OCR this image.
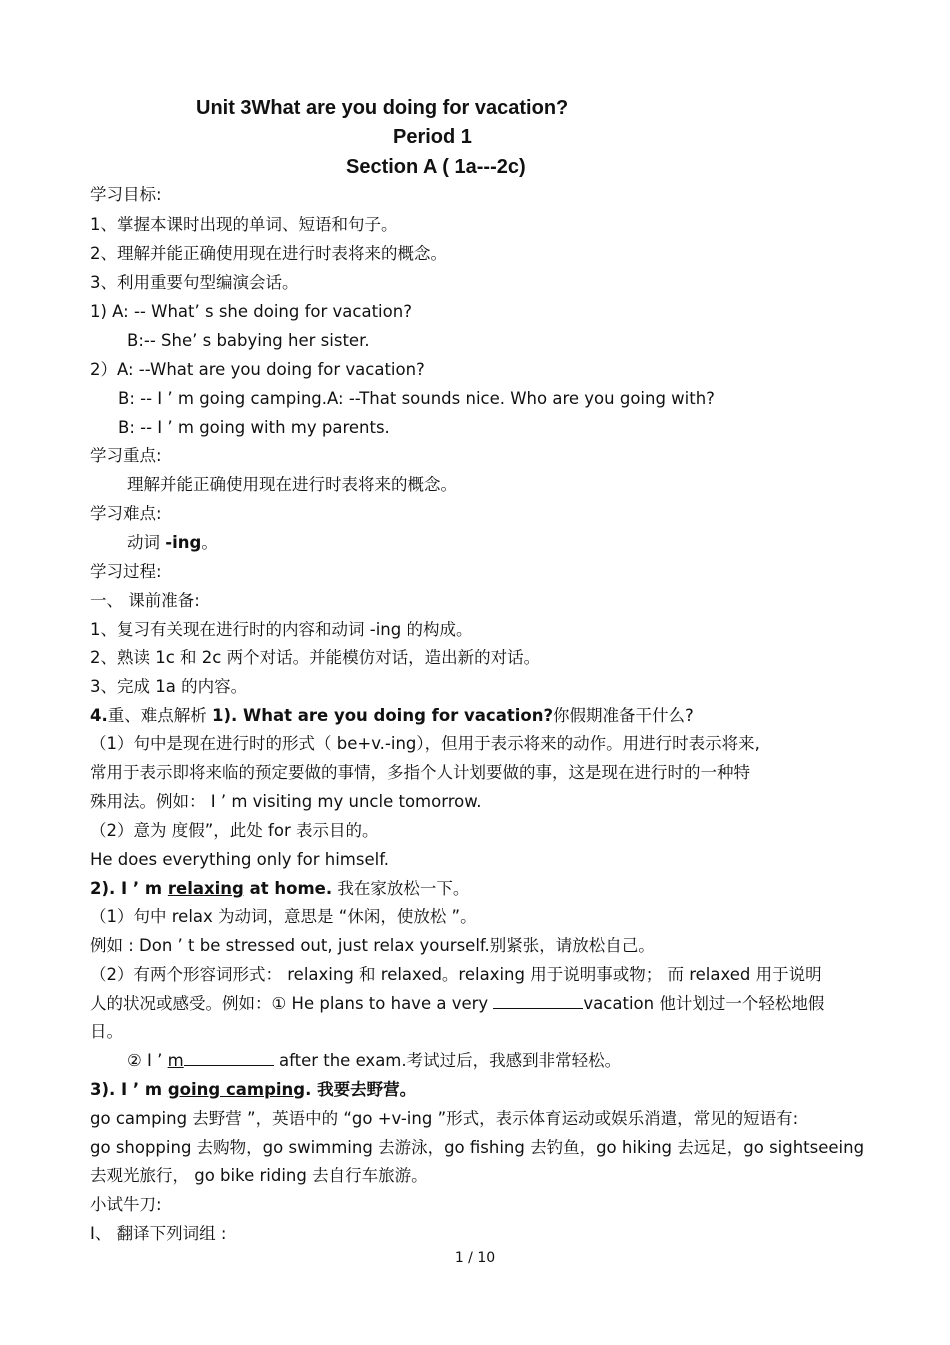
Unit 3What are you doing for vacation?

Period 1

Section A ( 1a---2c)

学习目标:

1、掌握本课时出现的单词、短语和句子。

2、理解并能正确使用现在进行时表将来的概念。

3、利用重要句型编演会话。

1) A: -- What’ s she doing for vacation?

B:-- She’ s babying her sister.

2）A: --What are you doing for vacation?

B: -- I ’ m going camping.A: --That sounds nice. Who are you going with?

B: -- I ’ m going with my parents.

学习重点:

理解并能正确使用现在进行时表将来的概念。

学习难点:

动词 -ing。

学习过程:

一、 课前准备:

1、复习有关现在进行时的内容和动词 -ing 的构成。

2、熟读 1c 和 2c 两个对话。并能模仿对话，造出新的对话。

3、完成 1a 的内容。

4.重、难点解析 1). What are you doing for vacation?你假期准备干什么?

（1）句中是现在进行时的形式（ be+v.-ing），但用于表示将来的动作。用进行时表示将来,

常用于表示即将来临的预定要做的事情，多指个人计划要做的事，这是现在进行时的一种特

殊用法。例如： I ’ m visiting my uncle tomorrow.

（2）意为 度假”，此处 for 表示目的。

He does everything only for himself.

2). I ’ m relaxing at home. 我在家放松一下。

（1）句中 relax 为动词，意思是 “休闲，使放松 ”。

例如 : Don ’ t be stressed out, just relax yourself.别紧张，请放松自己。

（2）有两个形容词形式： relaxing 和 relaxed。relaxing 用于说明事或物； 而 relaxed 用于说明

人的状况或感受。例如：① He plans to have a very	vacation 他计划过一个轻松地假

日。

② I ’ m	after the exam.考试过后，我感到非常轻松。

3). I ’ m going camping. 我要去野营。

go camping 去野营 ”，英语中的 “go +v-ing ”形式，表示体育运动或娱乐消遣，常见的短语有:

go shopping 去购物，go swimming 去游泳，go fishing 去钓鱼，go hiking 去远足，go sightseeing

去观光旅行， go bike riding 去自行车旅游。

小试牛刀:

Ⅰ、 翻译下列词组 :

1 / 10
